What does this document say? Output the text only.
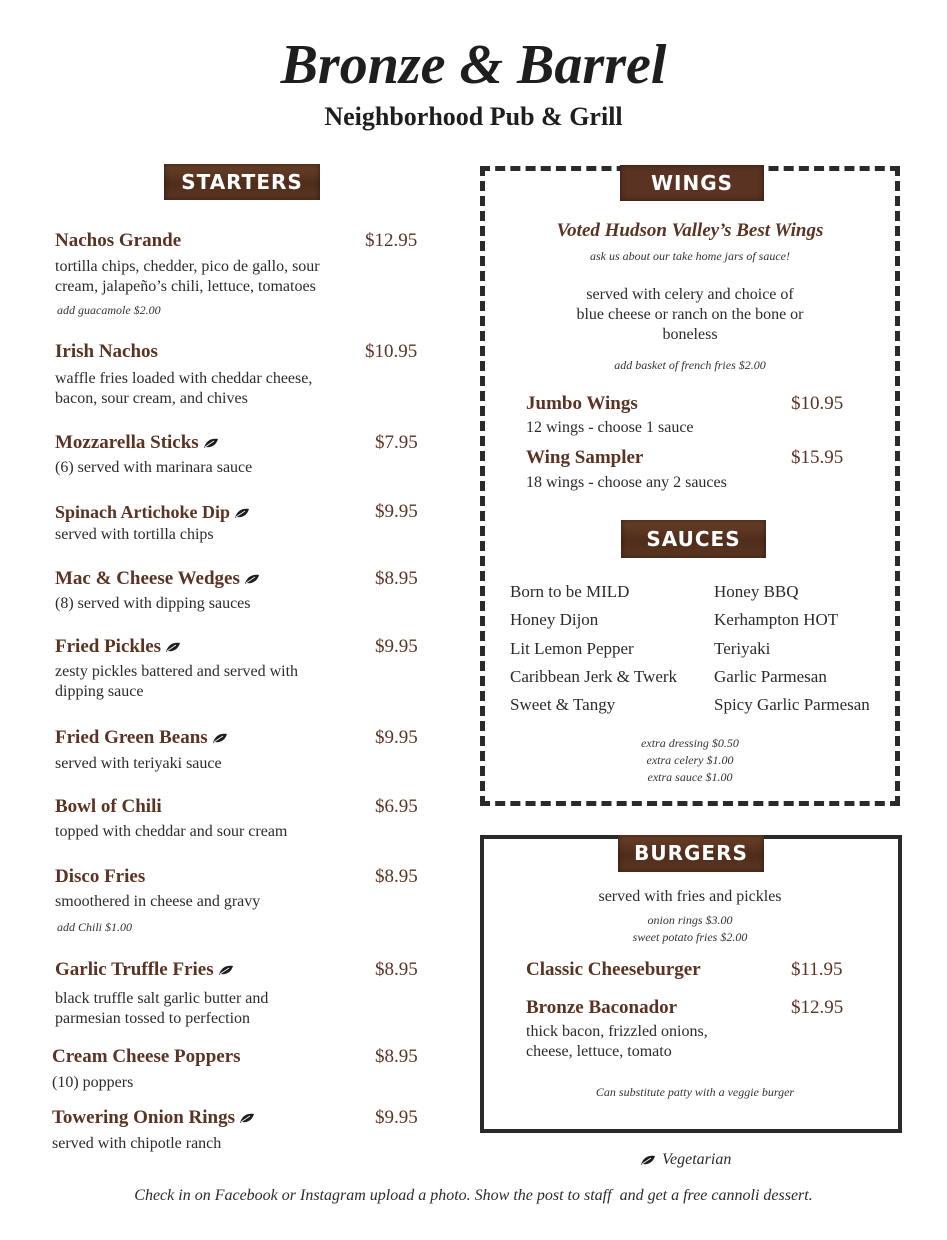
Bronze & Barrel
Neighborhood Pub & Grill
STARTERS
Nachos Grande	$12.95
tortilla chips, chedder, pico de gallo, sour cream, jalapeño’s chili, lettuce, tomatoes
add guacamole $2.00
Irish Nachos	$10.95
waffle fries loaded with cheddar cheese, bacon, sour cream, and chives
Mozzarella Sticks	$7.95
(6) served with marinara sauce
Spinach Artichoke Dip	$9.95
served with tortilla chips
Mac & Cheese Wedges	$8.95
(8) served with dipping sauces
Fried Pickles	$9.95
zesty pickles battered and served with dipping sauce
Fried Green Beans	$9.95
served with teriyaki sauce
Bowl of Chili	$6.95
topped with cheddar and sour cream
Disco Fries	$8.95
smoothered in cheese and gravy
add Chili $1.00
Garlic Truffle Fries	$8.95
black truffle salt garlic butter and parmesian tossed to perfection
Cream Cheese Poppers	$8.95
(10) poppers
Towering Onion Rings	$9.95
served with chipotle ranch
WINGS
Voted Hudson Valley’s Best Wings
ask us about our take home jars of sauce!
served with celery and choice of blue cheese or ranch on the bone or boneless
add basket of french fries $2.00
Jumbo Wings	$10.95
12 wings - choose 1 sauce
Wing Sampler	$15.95
18 wings - choose any 2 sauces
SAUCES
Born to be MILD
Honey Dijon
Lit Lemon Pepper
Caribbean Jerk & Twerk
Sweet & Tangy
Honey BBQ
Kerhampton HOT
Teriyaki
Garlic Parmesan
Spicy Garlic Parmesan
extra dressing $0.50
extra celery $1.00
extra sauce $1.00
BURGERS
served with fries and pickles
onion rings $3.00
sweet potato fries $2.00
Classic Cheeseburger	$11.95
Bronze Baconador	$12.95
thick bacon, frizzled onions, cheese, lettuce, tomato
Can substitute patty with a veggie burger
Vegetarian
Check in on Facebook or Instagram upload a photo. Show the post to staff  and get a free cannoli dessert.
